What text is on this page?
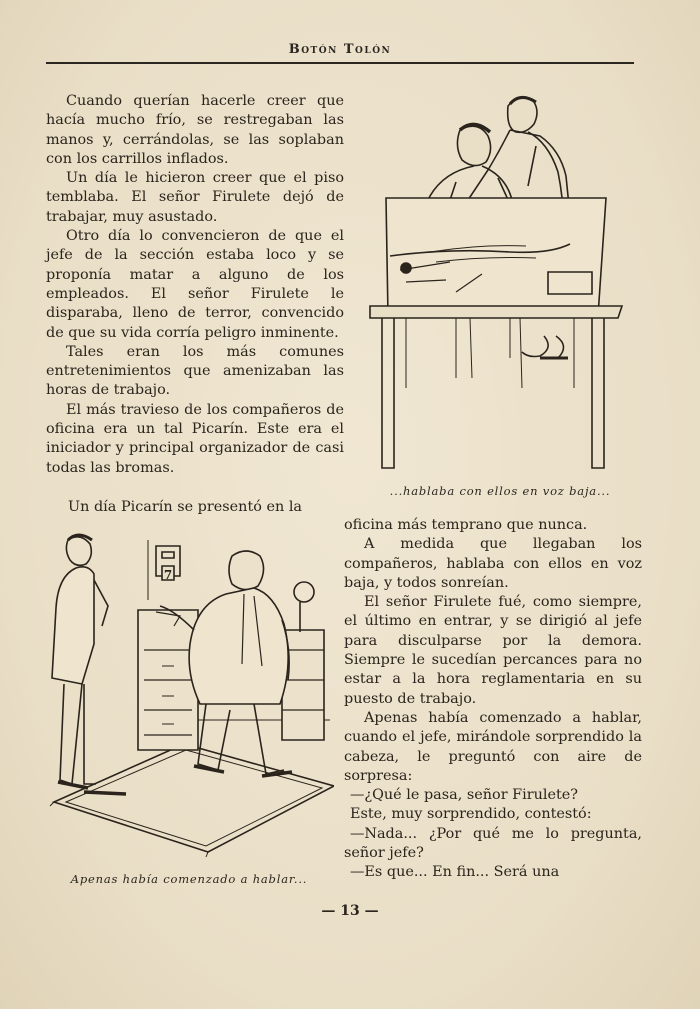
Botón Tolón

Cuando querían hacerle creer que hacía mucho frío, se restregaban las manos y, cerrándolas, se las soplaban con los carrillos inflados.

Un día le hicieron creer que el piso temblaba. El señor Firulete dejó de trabajar, muy asustado.

Otro día lo convencieron de que el jefe de la sección estaba loco y se proponía matar a alguno de los empleados. El señor Firulete le disparaba, lleno de terror, convencido de que su vida corría peligro inminente.

Tales eran los más comunes entretenimientos que amenizaban las horas de trabajo.

El más travieso de los compañeros de oficina era un tal Picarín. Este era el iniciador y principal organizador de casi todas las bromas.

Un día Picarín se presentó en la

...hablaba con ellos en voz baja...
7
Apenas había comenzado a hablar...

oficina más temprano que nunca.

A medida que llegaban los compañeros, hablaba con ellos en voz baja, y todos sonreían.

El señor Firulete fué, como siempre, el último en entrar, y se dirigió al jefe para disculparse por la demora. Siempre le sucedían percances para no estar a la hora reglamentaria en su puesto de trabajo.

Apenas había comenzado a hablar, cuando el jefe, mirándole sorprendido la cabeza, le preguntó con aire de sorpresa:

—¿Qué le pasa, señor Firulete?

Este, muy sorprendido, contestó:

—Nada... ¿Por qué me lo pregunta, señor jefe?

—Es que... En fin... Será una

— 13 —
